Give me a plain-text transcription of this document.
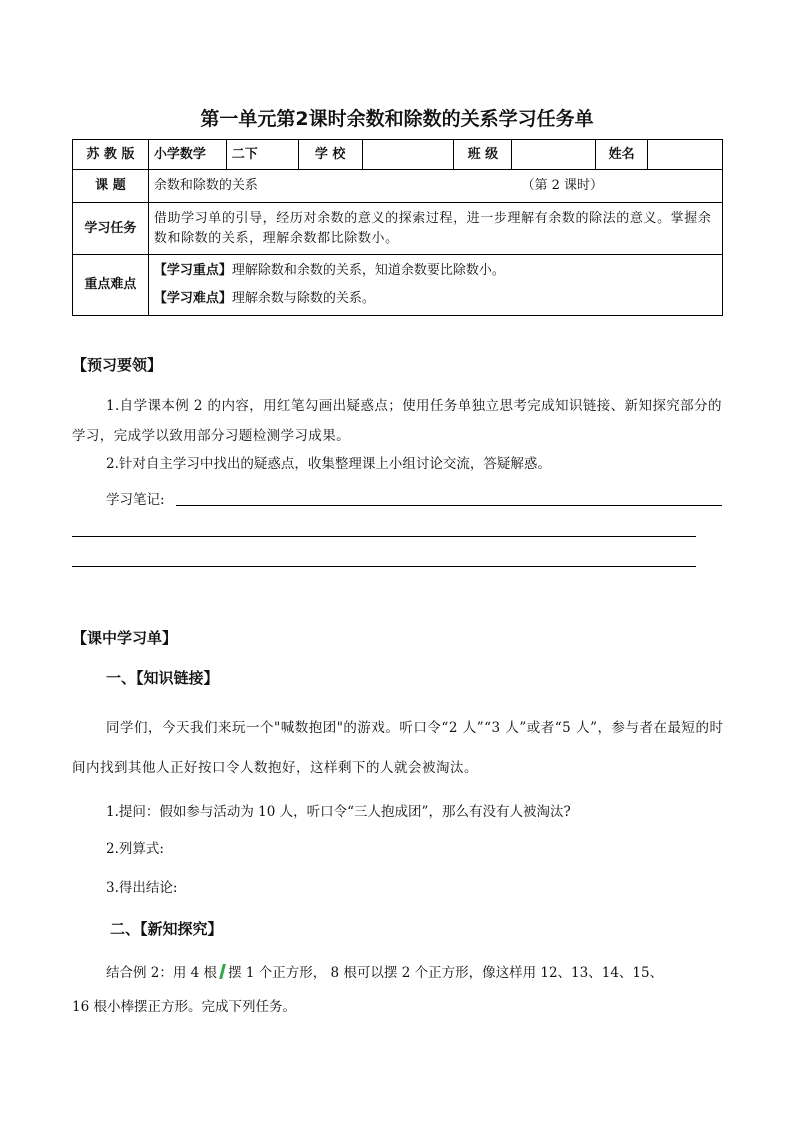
第一单元第2课时余数和除数的关系学习任务单
苏 教 版	小学数学	二下	学 校		班 级		姓名	
课 题	余数和除数的关系 （第 2 课时）							

学习任务	借助学习单的引导，经历对余数的意义的探索过程，进一步理解有余数的除法的意义。掌握余数和除数的关系，理解余数都比除数小。							
重点难点	【学习重点】理解除数和余数的关系，知道余数要比除数小。
【学习难点】理解余数与除数的关系。							
【预习要领】
1.自学课本例 2 的内容，用红笔勾画出疑惑点；使用任务单独立思考完成知识链接、新知探究部分的学习，完成学以致用部分习题检测学习成果。
2.针对自主学习中找出的疑惑点，收集整理课上小组讨论交流，答疑解惑。
学习笔记:
【课中学习单】
一、【知识链接】
同学们，今天我们来玩一个"喊数抱团"的游戏。听口令“2 人”“3 人”或者“5 人”，参与者在最短的时间内找到其他人正好按口令人数抱好，这样剩下的人就会被淘汰。
1.提问：假如参与活动为 10 人，听口令“三人抱成团”，那么有没有人被淘汰?
2.列算式:
3.得出结论:
二、【新知探究】
结合例 2：用 4 根 摆 1 个正方形， 8 根可以摆 2 个正方形，像这样用 12、13、14、15、
16 根小棒摆正方形。完成下列任务。
